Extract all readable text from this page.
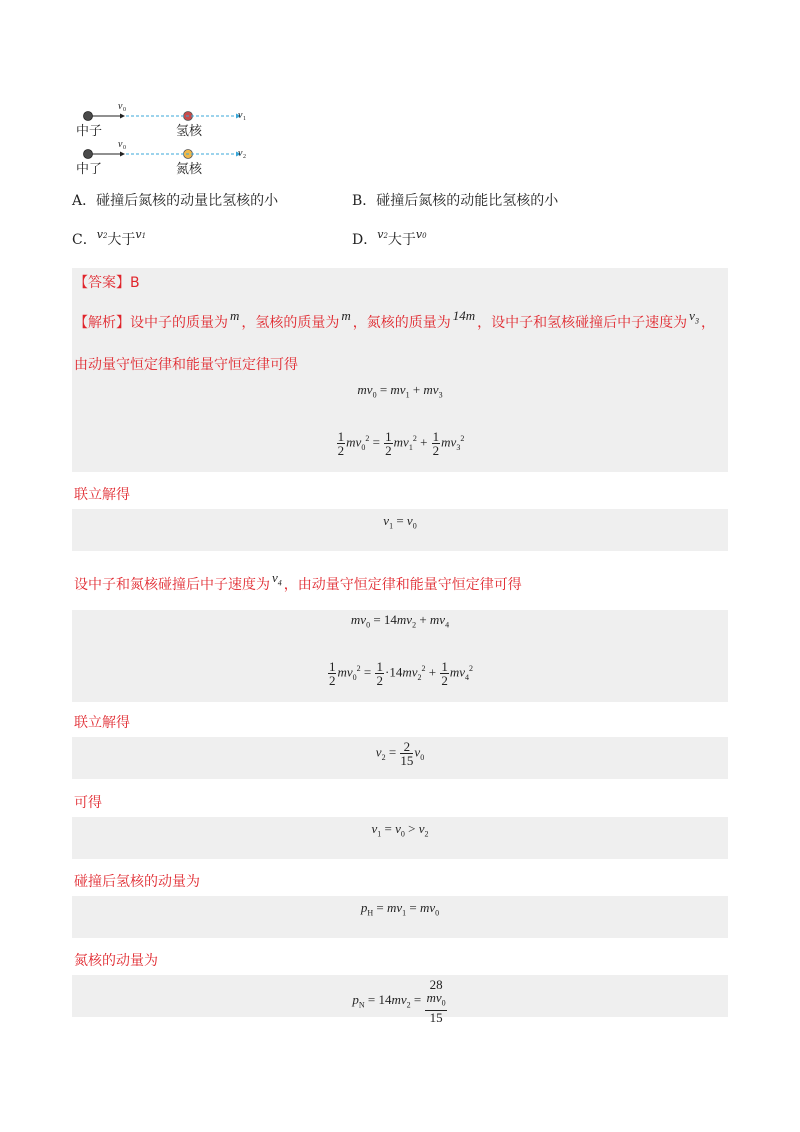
v 0	v 1
v 0	v 2
中子	氢核
中了	氮核
A．碰撞后氮核的动量比氢核的小	B．碰撞后氮核的动能比氢核的小
C．$^{v2}$大于$^{v1}$	D．$^{v2}$大于$^{v0}$
【答案】B
【解析】设中子的质量为 m ，氢核的质量为 m ，氮核的质量为 14m ，设中子和氢核碰撞后中子速度为 $v_3$ ，
由动量守恒定律和能量守恒定律可得
$mv_0 = mv_1 + mv_3$
$\frac{1}{2} mv_0^2 = \frac{1}{2} mv_1^2 + \frac{1}{2} mv_3^2$
联立解得
$v_1 = v_0$
设中子和氮核碰撞后中子速度为 $v_4$ ，由动量守恒定律和能量守恒定律可得
$mv_0 = 14mv_2 + mv_4$
$\frac{1}{2} mv_0^2 = \frac{1}{2} \cdot 14mv_2^2 + \frac{1}{2} mv_4^2$
联立解得
$v_2 = \frac{2}{15} v_0$
可得
$v_1 = v_0 > v_2$
碰撞后氢核的动量为
$p_H = mv_1 = mv_0$
氮核的动量为
$p_N = 14mv_2 = 28$
$mv_0$
15
